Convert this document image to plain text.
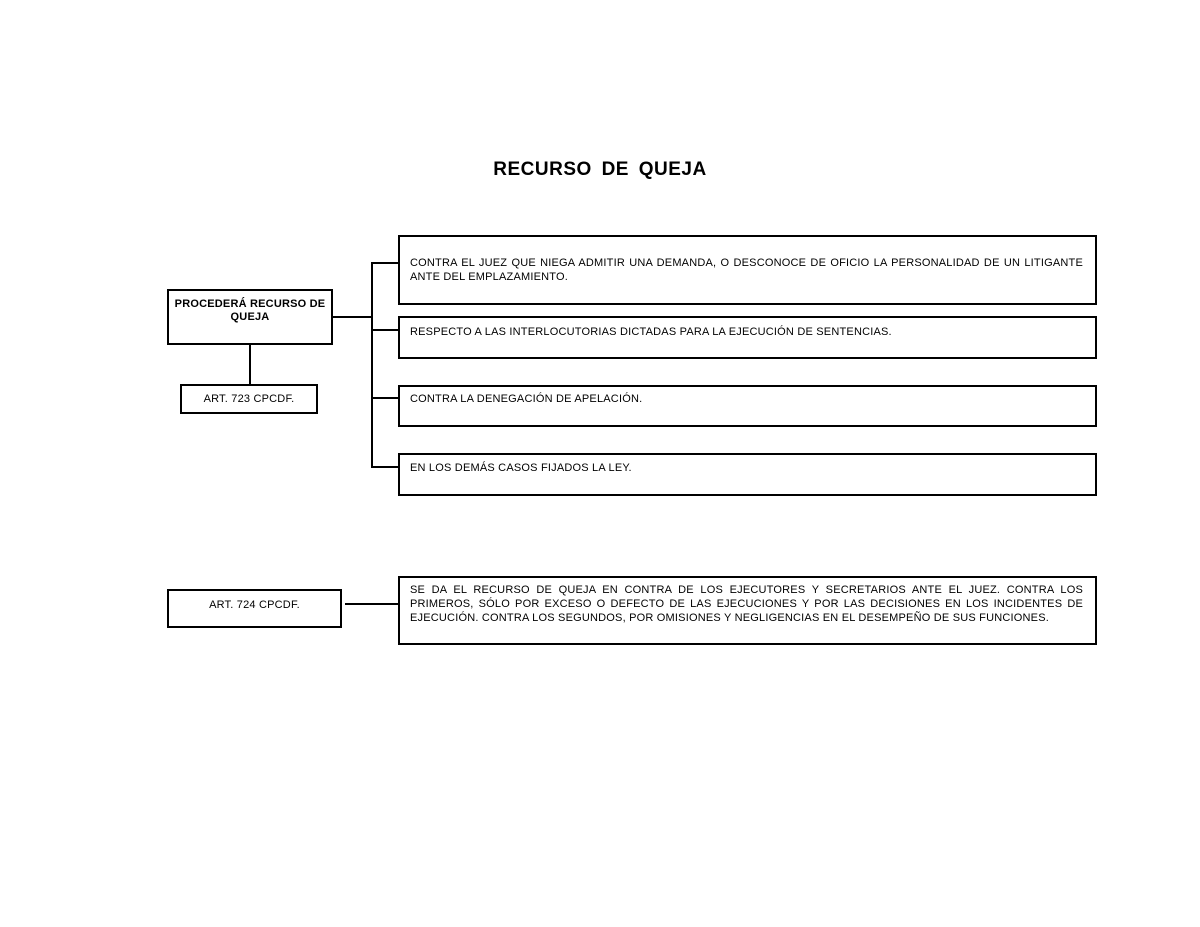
RECURSO DE QUEJA
PROCEDERÁ RECURSO DE QUEJA
ART. 723 CPCDF.
CONTRA EL JUEZ QUE NIEGA ADMITIR UNA DEMANDA, O DESCONOCE DE OFICIO LA PERSONALIDAD DE UN LITIGANTE ANTE DEL EMPLAZAMIENTO.
RESPECTO A LAS INTERLOCUTORIAS DICTADAS PARA LA EJECUCIÓN DE SENTENCIAS.
CONTRA LA DENEGACIÓN DE APELACIÓN.
EN LOS DEMÁS CASOS FIJADOS LA LEY.
ART. 724 CPCDF.
SE DA EL RECURSO DE QUEJA EN CONTRA DE LOS EJECUTORES Y SECRETARIOS ANTE EL JUEZ. CONTRA LOS PRIMEROS, SÓLO POR EXCESO O DEFECTO DE LAS EJECUCIONES Y POR LAS DECISIONES EN LOS INCIDENTES DE EJECUCIÓN. CONTRA LOS SEGUNDOS, POR OMISIONES Y NEGLIGENCIAS EN EL DESEMPEÑO DE SUS FUNCIONES.
